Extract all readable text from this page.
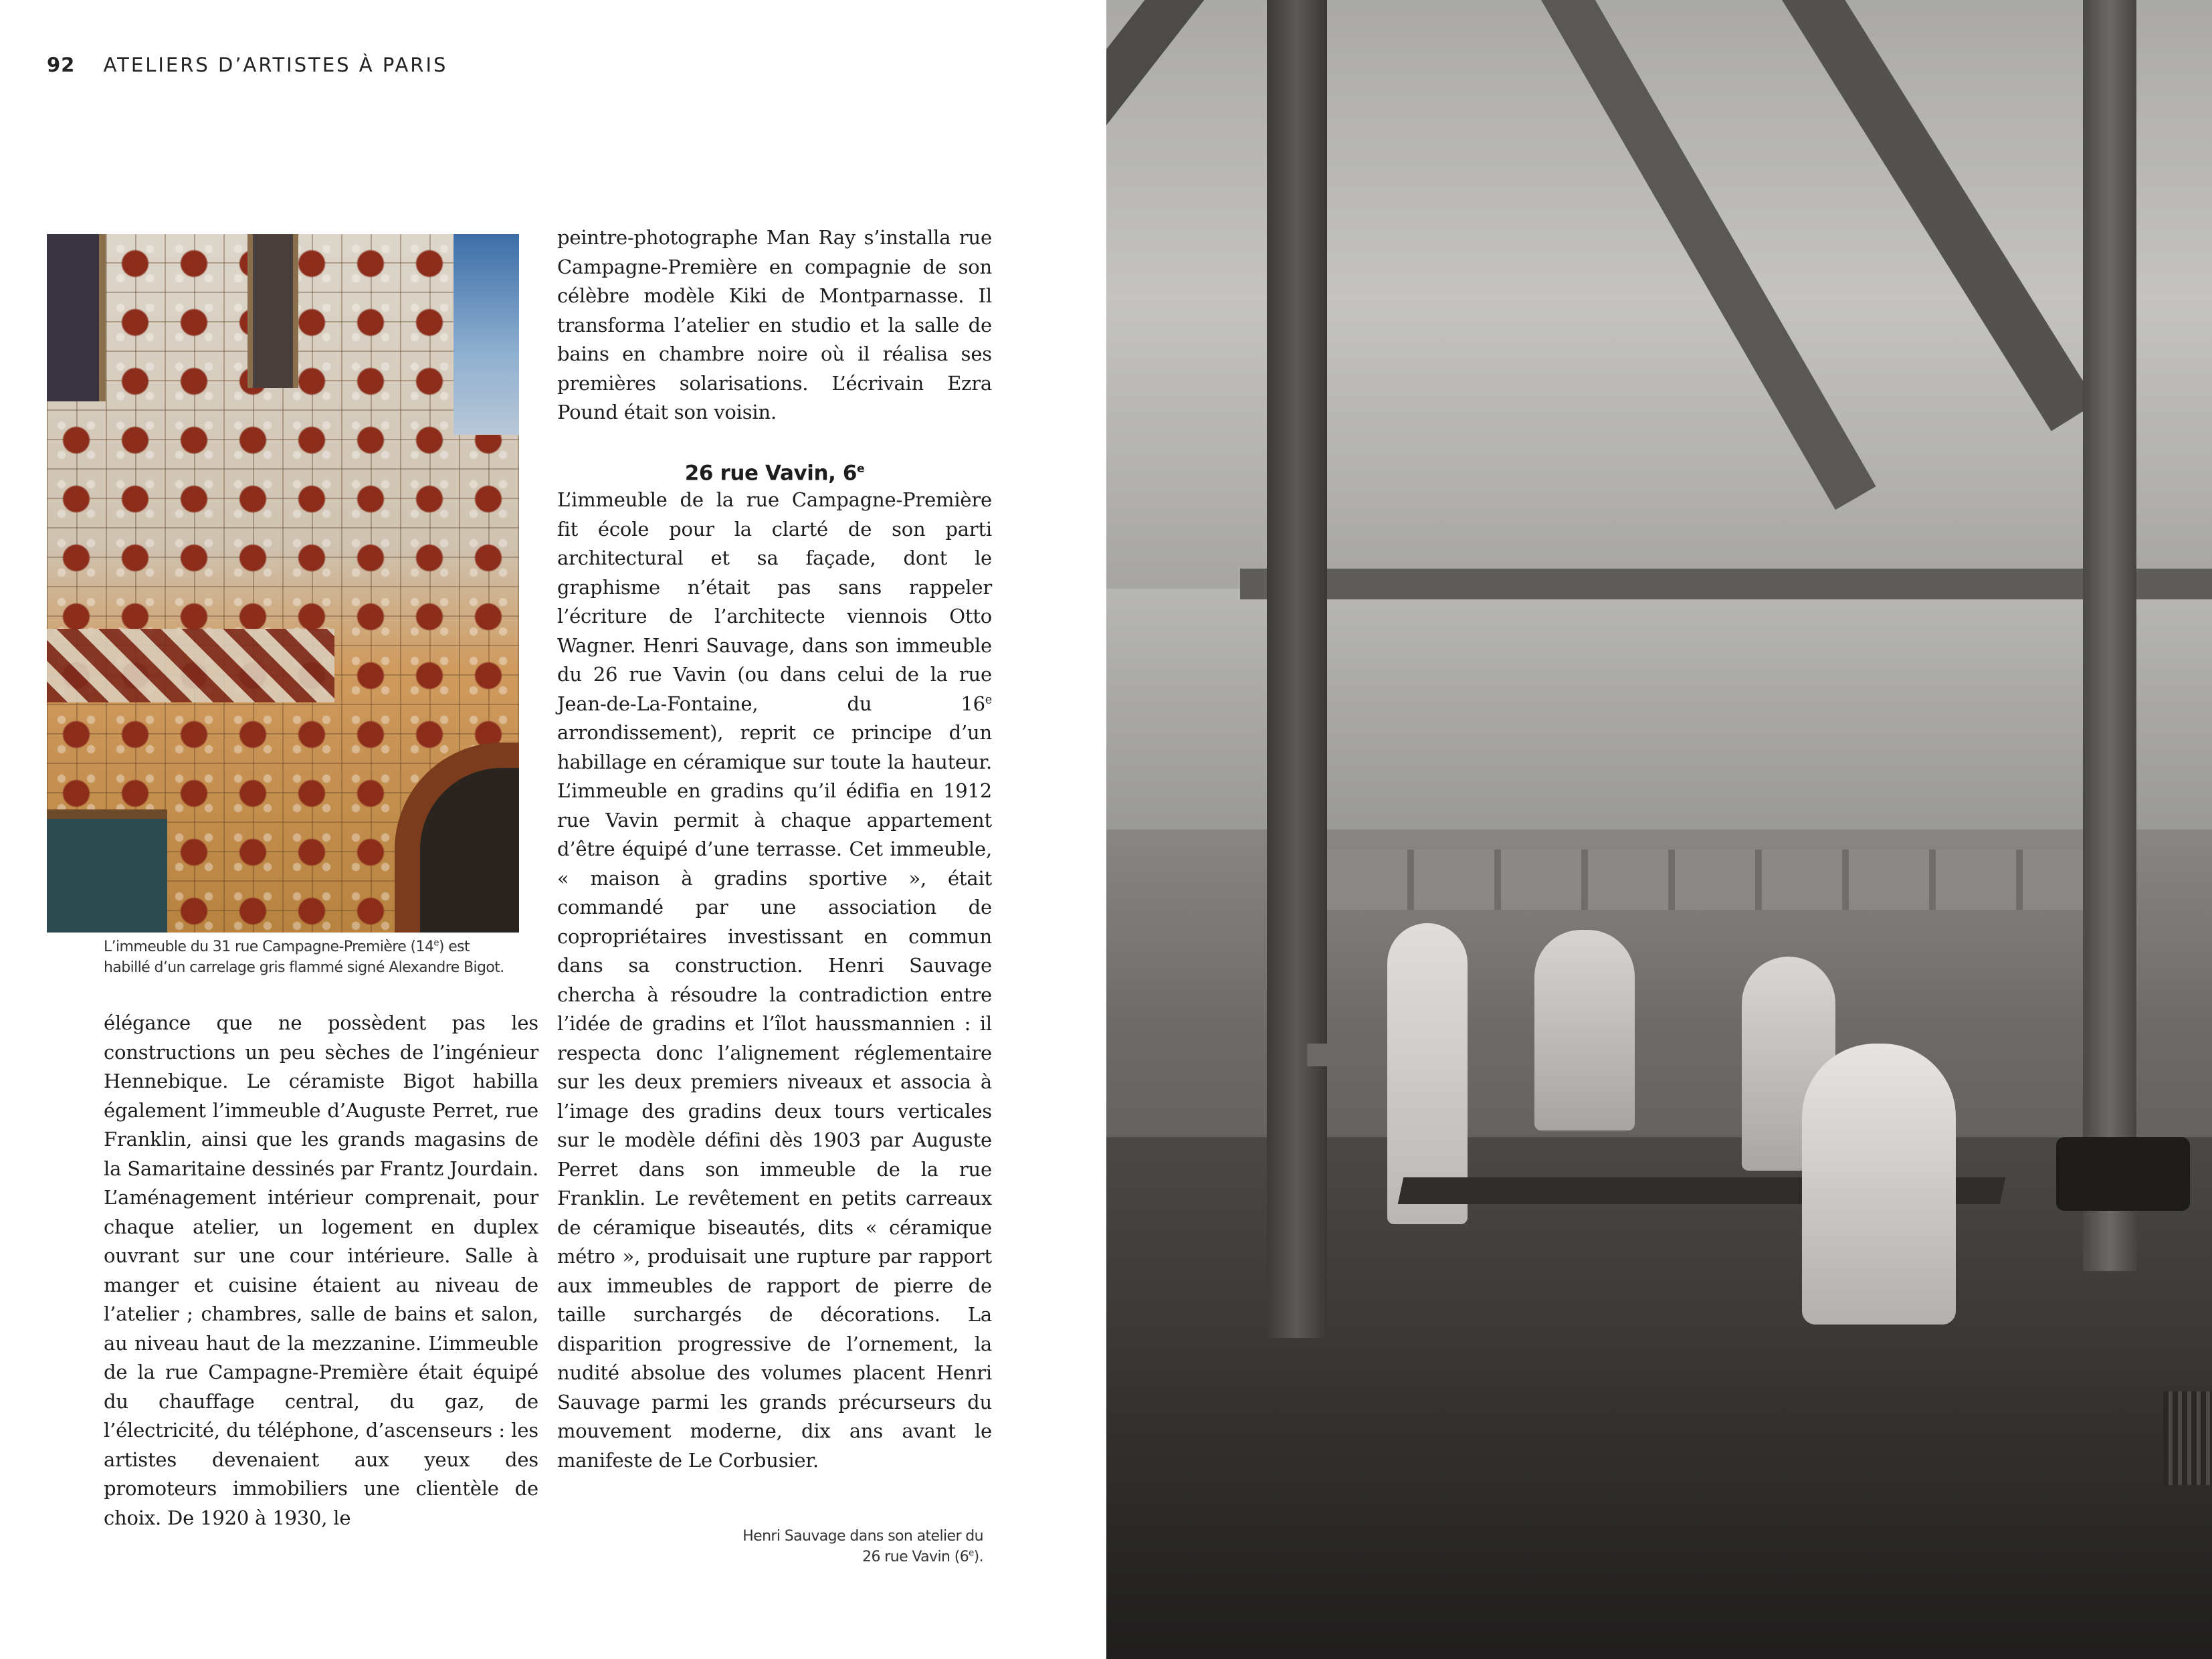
92 ATELIERS D’ARTISTES À PARIS
L’immeuble du 31 rue Campagne-Première (14e) est habillé d’un carrelage gris flammé signé Alexandre Bigot.

élégance que ne possèdent pas les constructions un peu sèches de l’ingénieur Hennebique. Le céramiste Bigot habilla également l’immeuble d’Auguste Perret, rue Franklin, ainsi que les grands magasins de la Samaritaine dessinés par Frantz Jourdain. L’aménagement intérieur comprenait, pour chaque atelier, un logement en duplex ouvrant sur une cour intérieure. Salle à manger et cuisine étaient au niveau de l’atelier ; chambres, salle de bains et salon, au niveau haut de la mezzanine. L’immeuble de la rue Campagne-Première était équipé du chauffage central, du gaz, de l’électricité, du téléphone, d’ascenseurs : les artistes devenaient aux yeux des promoteurs immobiliers une clientèle de choix. De 1920 à 1930, le

peintre-photographe Man Ray s’installa rue Campagne-Première en compagnie de son célèbre modèle Kiki de Montparnasse. Il transforma l’atelier en studio et la salle de bains en chambre noire où il réalisa ses premières solarisations. L’écrivain Ezra Pound était son voisin.

26 rue Vavin, 6e

L’immeuble de la rue Campagne-Première fit école pour la clarté de son parti architectural et sa façade, dont le graphisme n’était pas sans rappeler l’écriture de l’architecte viennois Otto Wagner. Henri Sauvage, dans son immeuble du 26 rue Vavin (ou dans celui de la rue Jean-de-La-Fontaine, du 16e arrondissement), reprit ce principe d’un habillage en céramique sur toute la hauteur. L’immeuble en gradins qu’il édifia en 1912 rue Vavin permit à chaque appartement d’être équipé d’une terrasse. Cet immeuble, « maison à gradins sportive », était commandé par une association de copropriétaires investissant en commun dans sa construction. Henri Sauvage chercha à résoudre la contradiction entre l’idée de gradins et l’îlot haussmannien : il respecta donc l’alignement réglementaire sur les deux premiers niveaux et associa à l’image des gradins deux tours verticales sur le modèle défini dès 1903 par Auguste Perret dans son immeuble de la rue Franklin. Le revêtement en petits carreaux de céramique biseautés, dits « céramique métro », produisait une rupture par rapport aux immeubles de rapport de pierre de taille surchargés de décorations. La disparition progressive de l’ornement, la nudité absolue des volumes placent Henri Sauvage parmi les grands précurseurs du mouvement moderne, dix ans avant le manifeste de Le Corbusier.

Henri Sauvage dans son atelier du 26 rue Vavin (6e).
